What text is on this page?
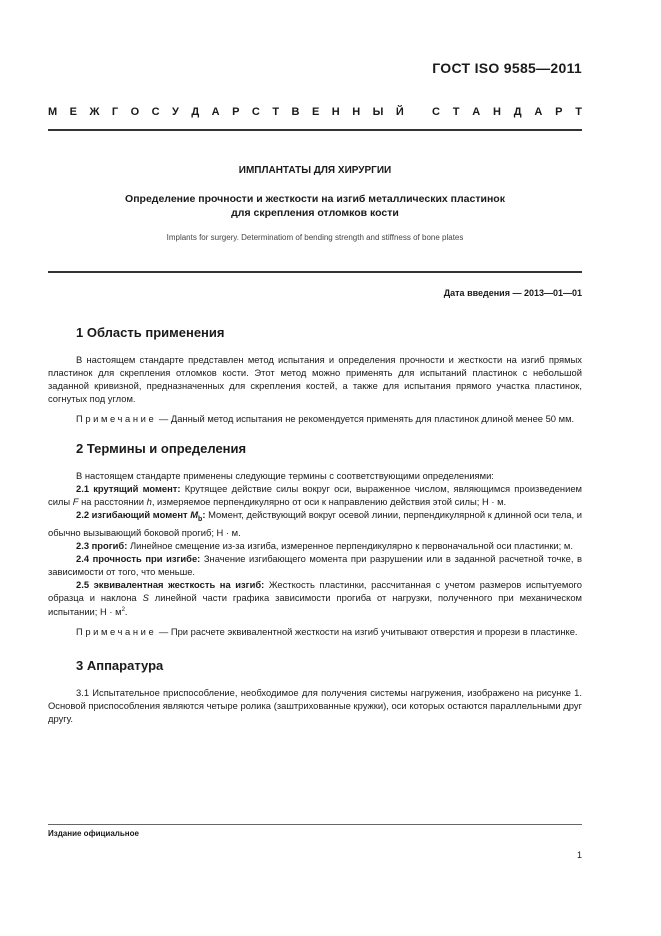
ГОСТ ISO 9585—2011
М Е Ж Г О С У Д А Р С Т В Е Н Н Ы Й	С Т А Н Д А Р Т
ИМПЛАНТАТЫ ДЛЯ ХИРУРГИИ
Определение прочности и жесткости на изгиб металлических пластинок
для скрепления отломков кости
Implants for surgery. Determinatiom of bending strength and stiffness of bone plates
Дата введения — 2013—01—01
1 Область применения

В настоящем стандарте представлен метод испытания и определения прочности и жесткости на изгиб прямых пластинок для скрепления отломков кости. Этот метод можно применять для испытаний пластинок с небольшой заданной кривизной, предназначенных для скрепления костей, а также для испытания прямого участка пластинок, согнутых под углом.

Примечание — Данный метод испытания не рекомендуется применять для пластинок длиной менее 50 мм.

2 Термины и определения

В настоящем стандарте применены следующие термины с соответствующими определениями:

2.1 крутящий момент: Крутящее действие силы вокруг оси, выраженное числом, являющимся произведением силы F на расстоянии h, измеряемое перпендикулярно от оси к направлению действия этой силы; Н · м.

2.2 изгибающий момент $M_b$: Момент, действующий вокруг осевой линии, перпендикулярной к длинной оси тела, и обычно вызывающий боковой прогиб; Н · м.

2.3 прогиб: Линейное смещение из-за изгиба, измеренное перпендикулярно к первоначальной оси пластинки; м.

2.4 прочность при изгибе: Значение изгибающего момента при разрушении или в заданной расчетной точке, в зависимости от того, что меньше.

2.5 эквивалентная жесткость на изгиб: Жесткость пластинки, рассчитанная с учетом размеров испытуемого образца и наклона S линейной части графика зависимости прогиба от нагрузки, полученного при механическом испытании; $Н \cdot м^2$.

Примечание — При расчете эквивалентной жесткости на изгиб учитывают отверстия и прорези в пластинке.

3 Аппаратура

3.1 Испытательное приспособление, необходимое для получения системы нагружения, изображено на рисунке 1. Основой приспособления являются четыре ролика (заштрихованные кружки), оси которых остаются параллельными друг другу.

Издание официальное
1
